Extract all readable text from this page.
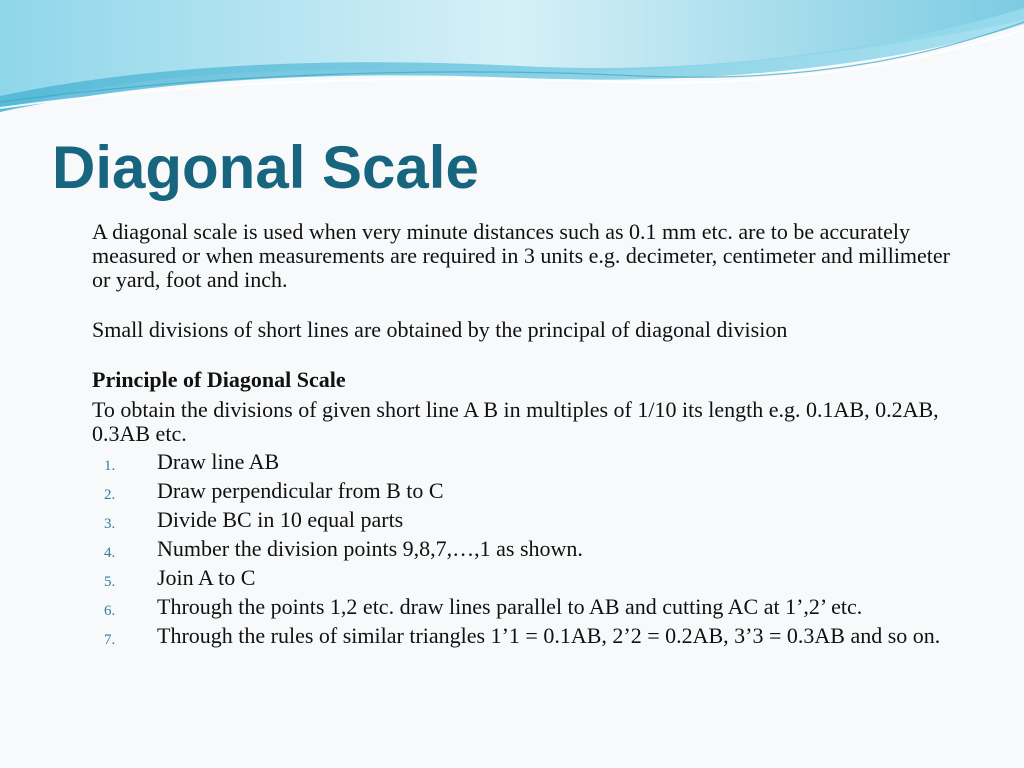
Diagonal Scale

A diagonal scale is used when very minute distances such as 0.1 mm etc. are to be accurately measured or when measurements are required in 3 units e.g. decimeter, centimeter and millimeter or yard, foot and inch.

Small divisions of short lines are obtained by the principal of diagonal division

Principle of Diagonal Scale

To obtain the divisions of given short line A B in multiples of 1/10 its length e.g. 0.1AB, 0.2AB, 0.3AB etc.

1. Draw line AB
2. Draw perpendicular from B to C
3. Divide BC in 10 equal parts
4. Number the division points 9,8,7,…,1 as shown.
5. Join A to C
6. Through the points 1,2 etc. draw lines parallel to AB and cutting AC at 1’,2’ etc.
7. Through the rules of similar triangles 1’1 = 0.1AB, 2’2 = 0.2AB, 3’3 = 0.3AB and so on.
